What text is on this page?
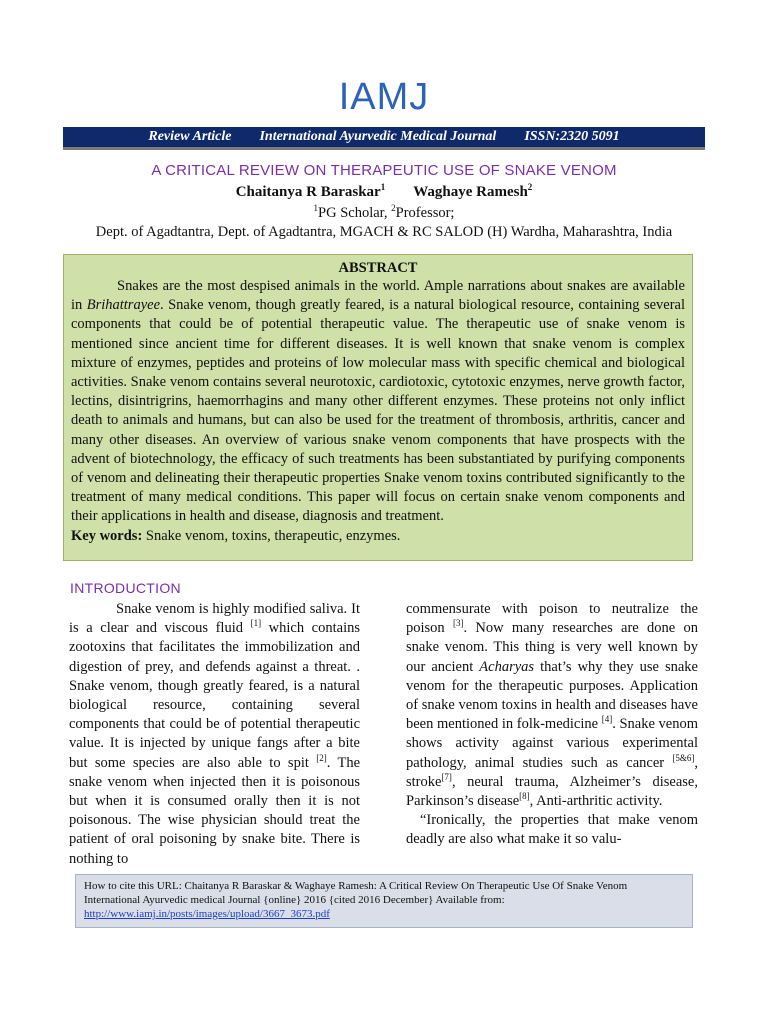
IAMJ
Review Article International Ayurvedic Medical Journal ISSN:2320 5091
A CRITICAL REVIEW ON THERAPEUTIC USE OF SNAKE VENOM
Chaitanya R Baraskar$^1$ Waghaye Ramesh$^2$
$^1$PG Scholar, $^2$Professor;
Dept. of Agadtantra, Dept. of Agadtantra, MGACH & RC SALOD (H) Wardha, Maharashtra, India
ABSTRACT

Snakes are the most despised animals in the world. Ample narrations about snakes are available in Brihattrayee. Snake venom, though greatly feared, is a natural biological resource, containing several components that could be of potential therapeutic value. The therapeutic use of snake venom is mentioned since ancient time for different diseases. It is well known that snake venom is complex mixture of enzymes, peptides and proteins of low molecular mass with specific chemical and biological activities. Snake venom contains several neurotoxic, cardiotoxic, cytotoxic enzymes, nerve growth factor, lectins, disintrigrins, haemorrhagins and many other different enzymes. These proteins not only inflict death to animals and humans, but can also be used for the treatment of thrombosis, arthritis, cancer and many other diseases. An overview of various snake venom components that have prospects with the advent of biotechnology, the efficacy of such treatments has been substantiated by purifying components of venom and delineating their therapeutic properties Snake venom toxins contributed significantly to the treatment of many medical conditions. This paper will focus on certain snake venom components and their applications in health and disease, diagnosis and treatment.

Key words: Snake venom, toxins, therapeutic, enzymes.
INTRODUCTION

Snake venom is highly modified saliva. It is a clear and viscous fluid [1] which contains zootoxins that facilitates the immobilization and digestion of prey, and defends against a threat. . Snake venom, though greatly feared, is a natural biological resource, containing several components that could be of potential therapeutic value. It is injected by unique fangs after a bite but some species are also able to spit [2]. The snake venom when injected then it is poisonous but when it is consumed orally then it is not poisonous. The wise physician should treat the patient of oral poisoning by snake bite. There is nothing to

commensurate with poison to neutralize the poison [3]. Now many researches are done on snake venom. This thing is very well known by our ancient Acharyas that’s why they use snake venom for the therapeutic purposes. Application of snake venom toxins in health and diseases have been mentioned in folk-medicine [4]. Snake venom shows activity against various experimental pathology, animal studies such as cancer [5&6], stroke[7], neural trauma, Alzheimer’s disease, Parkinson’s disease[8], Anti-arthritic activity.

“Ironically, the properties that make venom deadly are also what make it so valu-

How to cite this URL: Chaitanya R Baraskar & Waghaye Ramesh: A Critical Review On Therapeutic Use Of Snake Venom
International Ayurvedic medical Journal {online} 2016 {cited 2016 December} Available from:
http://www.iamj.in/posts/images/upload/3667_3673.pdf
